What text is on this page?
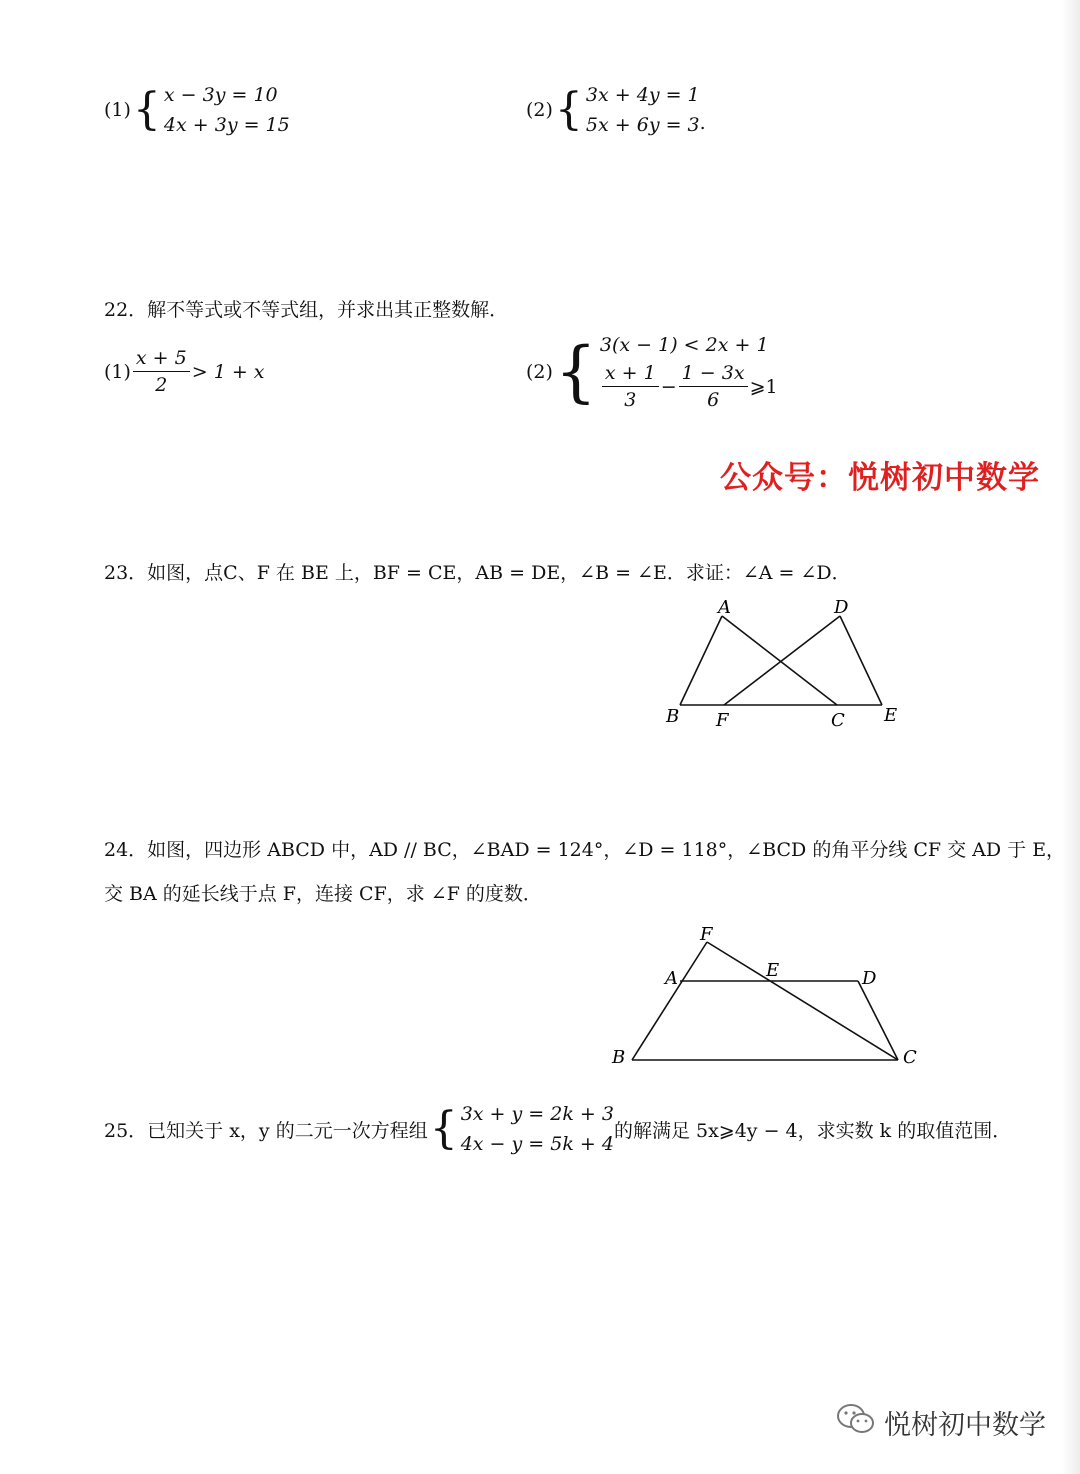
(1) { x − 3y = 10
4x + 3y = 15
(2) { 3x + 4y = 1
5x + 6y = 3 .
22．解不等式或不等式组，并求出其正整数解．
$(1) \frac{x + 5}{2} > 1 + x$	(2) { 3(x − 1) < 2x + 1
$\frac{x + 1}{3} - \frac{1 - 3x}{6}$ ⩾1
公众号：悦树初中数学
23．如图，点C、F 在 BE 上，BF = CE，AB = DE，∠B = ∠E．求证：∠A = ∠D．
A	D
B F	C E
24．如图，四边形 ABCD 中，AD // BC，∠BAD = 124°，∠D = 118°，∠BCD 的角平分线 CF 交 AD 于 E，
交 BA 的延长线于点 F，连接 CF，求 ∠F 的度数．
F
A	E	D
B	C
25．已知关于 x，y 的二元一次方程组 { 3x + y = 2k + 3
4x − y = 5k + 4
的解满足 5x⩾4y − 4，求实数 k 的取值范围．
悦树初中数学
